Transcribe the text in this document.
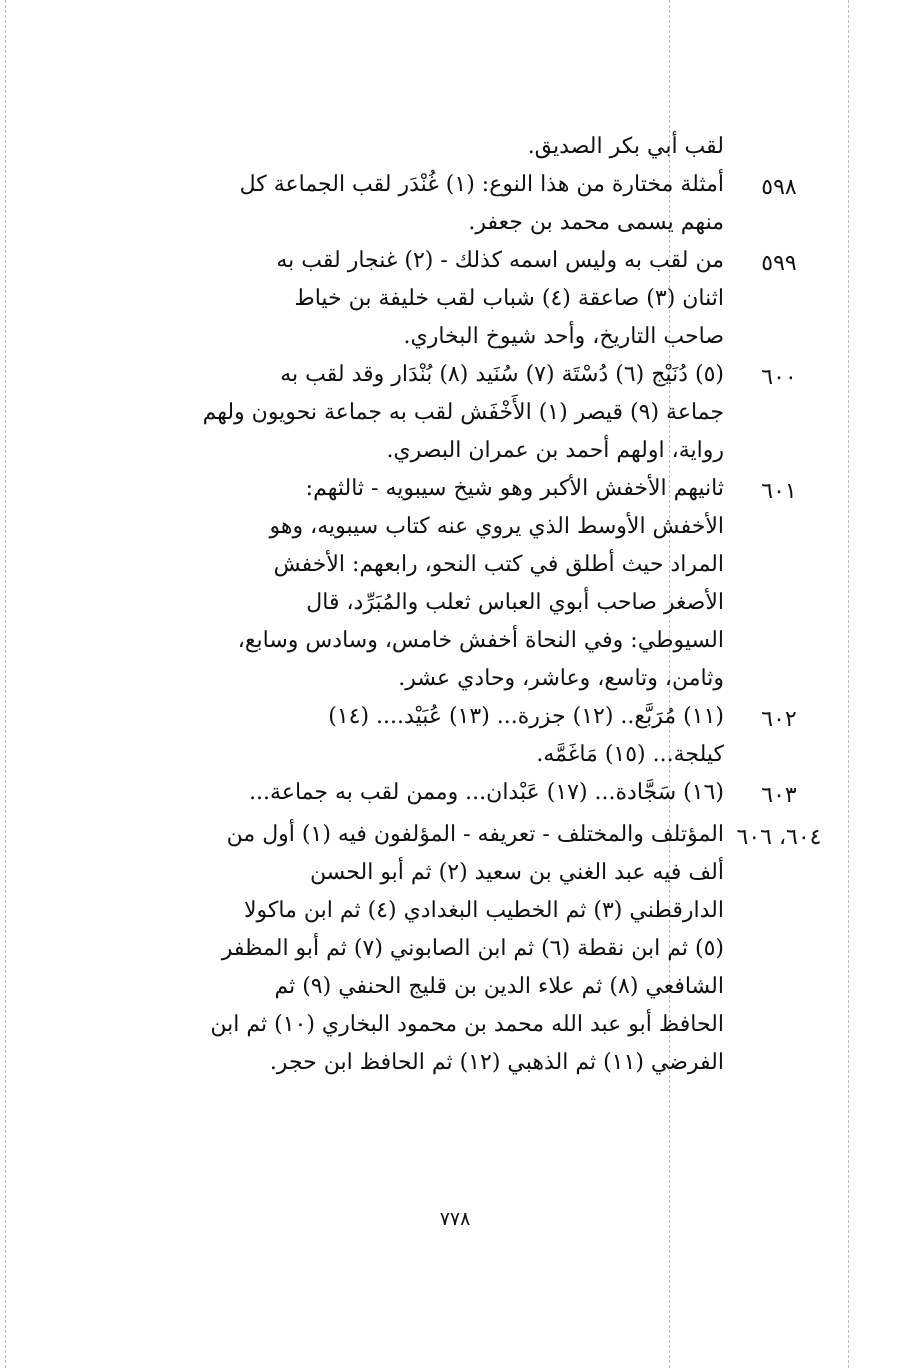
لقب أبي بكر الصديق.

٥٩٨

أمثلة مختارة من هذا النوع: (١) غُنْدَر لقب الجماعة كل

منهم يسمى محمد بن جعفر.

٥٩٩

من لقب به وليس اسمه كذلك - (٢) غنجار لقب به

اثنان (٣) صاعقة (٤) شباب لقب خليفة بن خياط

صاحب التاريخ، وأحد شيوخ البخاري.

٦٠٠

(٥) دُنَيْج (٦) دُسْتَة (٧) سُنَيد (٨) بُنْدَار وقد لقب به

جماعة (٩) قيصر (١) الأَخْفَش لقب به جماعة نحويون ولهم

رواية، اولهم أحمد بن عمران البصري.

٦٠١

ثانيهم الأخفش الأكبر وهو شيخ سيبويه - ثالثهم:

الأخفش الأوسط الذي يروي عنه كتاب سيبويه، وهو

المراد حيث أطلق في كتب النحو، رابعهم: الأخفش

الأصغر صاحب أبوي العباس ثعلب والمُبَرِّد، قال

السيوطي: وفي النحاة أخفش خامس، وسادس وسابع،

وثامن، وتاسع، وعاشر، وحادي عشر.

٦٠٢

(١١) مُرَبَّع.. (١٢) جزرة... (١٣) عُبَيْد.... (١٤)

كيلجة... (١٥) مَاغَمَّه.

٦٠٣

(١٦) سَجَّادة... (١٧) عَبْدان... وممن لقب به جماعة...

٦٠٤، ٦٠٦

المؤتلف والمختلف - تعريفه - المؤلفون فيه (١) أول من

ألف فيه عبد الغني بن سعيد (٢) ثم أبو الحسن

الدارقطني (٣) ثم الخطيب البغدادي (٤) ثم ابن ماكولا

(٥) ثم ابن نقطة (٦) ثم ابن الصابوني (٧) ثم أبو المظفر

الشافعي (٨) ثم علاء الدين بن قليج الحنفي (٩) ثم

الحافظ أبو عبد الله محمد بن محمود البخاري (١٠) ثم ابن

الفرضي (١١) ثم الذهبي (١٢) ثم الحافظ ابن حجر.

٧٧٨
